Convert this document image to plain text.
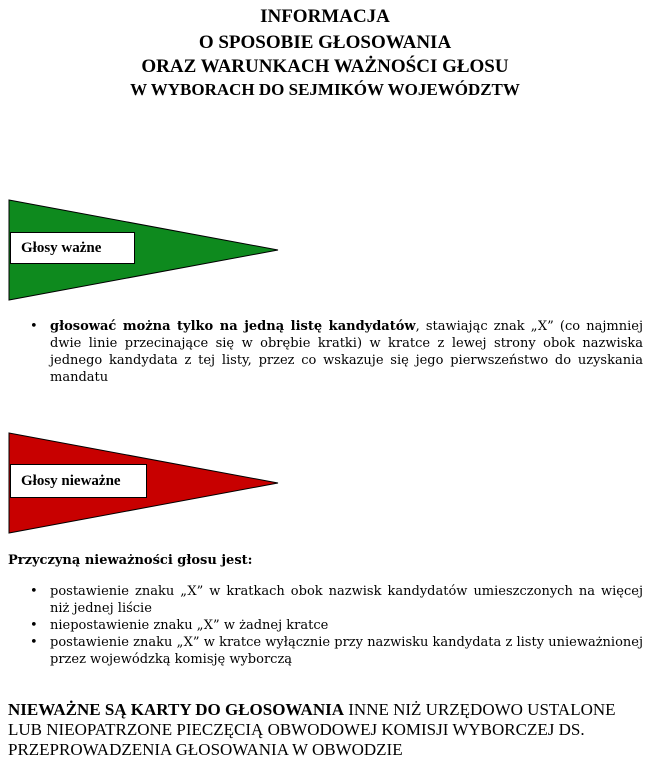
INFORMACJA
O SPOSOBIE GŁOSOWANIA
ORAZ WARUNKACH WAŻNOŚCI GŁOSU
W WYBORACH DO SEJMIKÓW WOJEWÓDZTW
Głosy ważne
• głosować można tylko na jedną listę kandydatów, stawiając znak „X” (co najmniej dwie linie przecinające się w obrębie kratki) w kratce z lewej strony obok nazwiska jednego kandydata z tej listy, przez co wskazuje się jego pierwszeństwo do uzyskania mandatu
Głosy nieważne
Przyczyną nieważności głosu jest:
• postawienie znaku „X” w kratkach obok nazwisk kandydatów umieszczonych na więcej niż jednej liście
• niepostawienie znaku „X” w żadnej kratce
• postawienie znaku „X” w kratce wyłącznie przy nazwisku kandydata z listy unieważnionej przez wojewódzką komisję wyborczą
NIEWAŻNE SĄ KARTY DO GŁOSOWANIA INNE NIŻ URZĘDOWO USTALONE LUB NIEOPATRZONE PIECZĘCIĄ OBWODOWEJ KOMISJI WYBORCZEJ DS. PRZEPROWADZENIA GŁOSOWANIA W OBWODZIE
